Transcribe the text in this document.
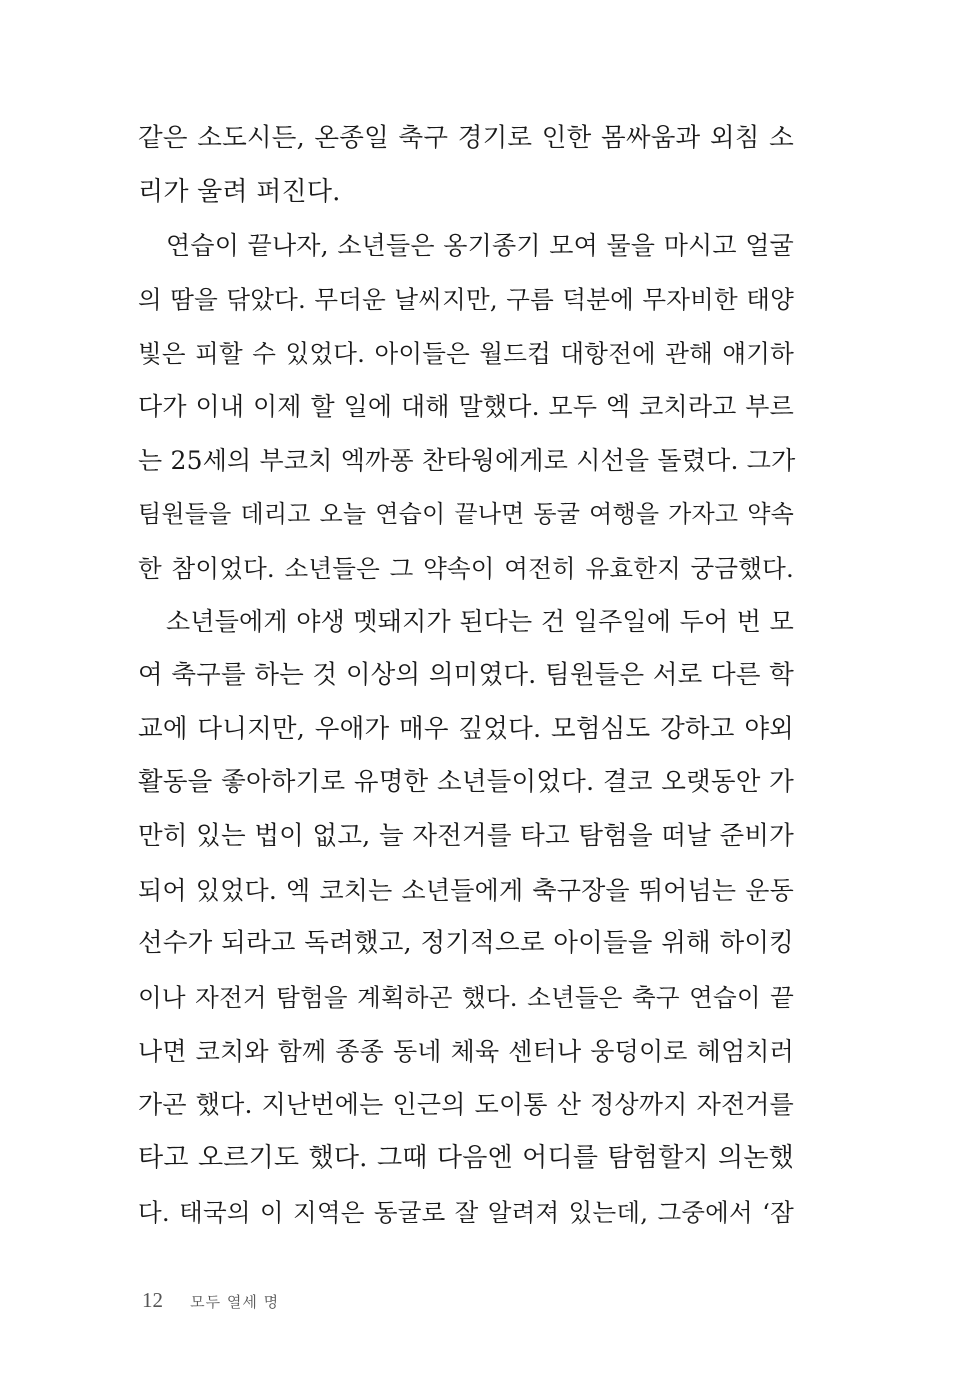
같은 소도시든, 온종일 축구 경기로 인한 몸싸움과 외침 소
리가 울려 퍼진다.
연습이 끝나자, 소년들은 옹기종기 모여 물을 마시고 얼굴
의 땀을 닦았다. 무더운 날씨지만, 구름 덕분에 무자비한 태양
빛은 피할 수 있었다. 아이들은 월드컵 대항전에 관해 얘기하
다가 이내 이제 할 일에 대해 말했다. 모두 엑 코치라고 부르
는 25세의 부코치 엑까퐁 찬타웡에게로 시선을 돌렸다. 그가
팀원들을 데리고 오늘 연습이 끝나면 동굴 여행을 가자고 약속
한 참이었다. 소년들은 그 약속이 여전히 유효한지 궁금했다.
소년들에게 야생 멧돼지가 된다는 건 일주일에 두어 번 모
여 축구를 하는 것 이상의 의미였다. 팀원들은 서로 다른 학
교에 다니지만, 우애가 매우 깊었다. 모험심도 강하고 야외
활동을 좋아하기로 유명한 소년들이었다. 결코 오랫동안 가
만히 있는 법이 없고, 늘 자전거를 타고 탐험을 떠날 준비가
되어 있었다. 엑 코치는 소년들에게 축구장을 뛰어넘는 운동
선수가 되라고 독려했고, 정기적으로 아이들을 위해 하이킹
이나 자전거 탐험을 계획하곤 했다. 소년들은 축구 연습이 끝
나면 코치와 함께 종종 동네 체육 센터나 웅덩이로 헤엄치러
가곤 했다. 지난번에는 인근의 도이통 산 정상까지 자전거를
타고 오르기도 했다. 그때 다음엔 어디를 탐험할지 의논했
다. 태국의 이 지역은 동굴로 잘 알려져 있는데, 그중에서 ‘잠
12 모두 열세 명
